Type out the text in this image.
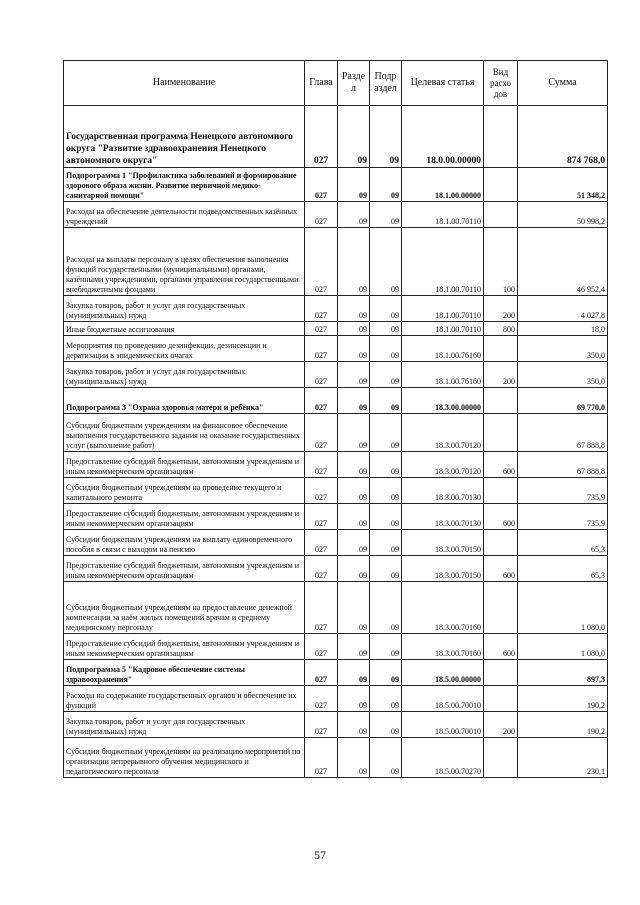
Наименование	Глава	Разде л	Подр аздел	Целевая статья	Вид расхо дов	Сумма
Государственная программа Ненецкого автономного округа "Развитие здравоохранения Ненецкого автономного округа"	027	09	09	18.0.00.00000		874 768,0
Подпрограмма 1 "Профилактика заболеваний и формирование здорового образа жизни. Развитие первичной медико-санитарной помощи"	027	09	09	18.1.00.00000		51 348,2
Расходы на обеспечение деятельности подведомственных казённых учреждений	027	09	09	18.1.00.70110		50 998,2
Расходы на выплаты персоналу в целях обеспечения выполнения функций государственными (муниципальными) органами, казёнными учреждениями, органами управления государственными внебюджетными фондами	027	09	09	18.1.00.70110	100	46 952,4
Закупка товаров, работ и услуг для государственных (муниципальных) нужд	027	09	09	18.1.00.70110	200	4 027,8
Иные бюджетные ассигнования	027	09	09	18.1.00.70110	800	18,0
Мероприятия по проведению дезинфекции, дезинсекции и дератизации в эпидемических очагах	027	09	09	18.1.00.76160		350,0
Закупка товаров, работ и услуг для государственных (муниципальных) нужд	027	09	09	18.1.00.76160	200	350,0
Подпрограмма 3 "Охрана здоровья матери и ребёнка"	027	09	09	18.3.00.00000		69 770,0
Субсидии бюджетным учреждениям на финансовое обеспечение выполнения государственного задания на оказание государственных услуг (выполнение работ)	027	09	09	18.3.00.70120		67 888,8
Предоставление субсидий бюджетным, автономным учреждениям и иным некоммерческим организациям	027	09	09	18.3.00.70120	600	67 888,8
Субсидии бюджетным учреждениям на проведение текущего и капитального ремонта	027	09	09	18.3.00.70130		735,9
Предоставление субсидий бюджетным, автономным учреждениям и иным некоммерческим организациям	027	09	09	18.3.00.70130	600	735,9
Субсидии бюджетным учреждениям на выплату единовременного пособия в связи с выходом на пенсию	027	09	09	18.3.00.70150		65,3
Предоставление субсидий бюджетным, автономным учреждениям и иным некоммерческим организациям	027	09	09	18.3.00.70150	600	65,3
Субсидии бюджетным учреждениям на предоставление денежной компенсации за наём жилых помещений врачам и среднему медицинскому персоналу	027	09	09	18.3.00.70160		1 080,0
Предоставление субсидий бюджетным, автономным учреждениям и иным некоммерческим организациям	027	09	09	18.3.00.70160	600	1 080,0
Подпрограмма 5 "Кадровое обеспечение системы здравоохранения"	027	09	09	18.5.00.00000		897,3
Расходы на содержание государственных органов и обеспечение их функций	027	09	09	18.5.00.70010		190,2
Закупка товаров, работ и услуг для государственных (муниципальных) нужд	027	09	09	18.5.00.70010	200	190,2
Субсидии бюджетным учреждениям на реализацию мероприятий по организации непрерывного обучения медицинского и педагогического персонала	027	09	09	18.5.00.70270		230,1
57
